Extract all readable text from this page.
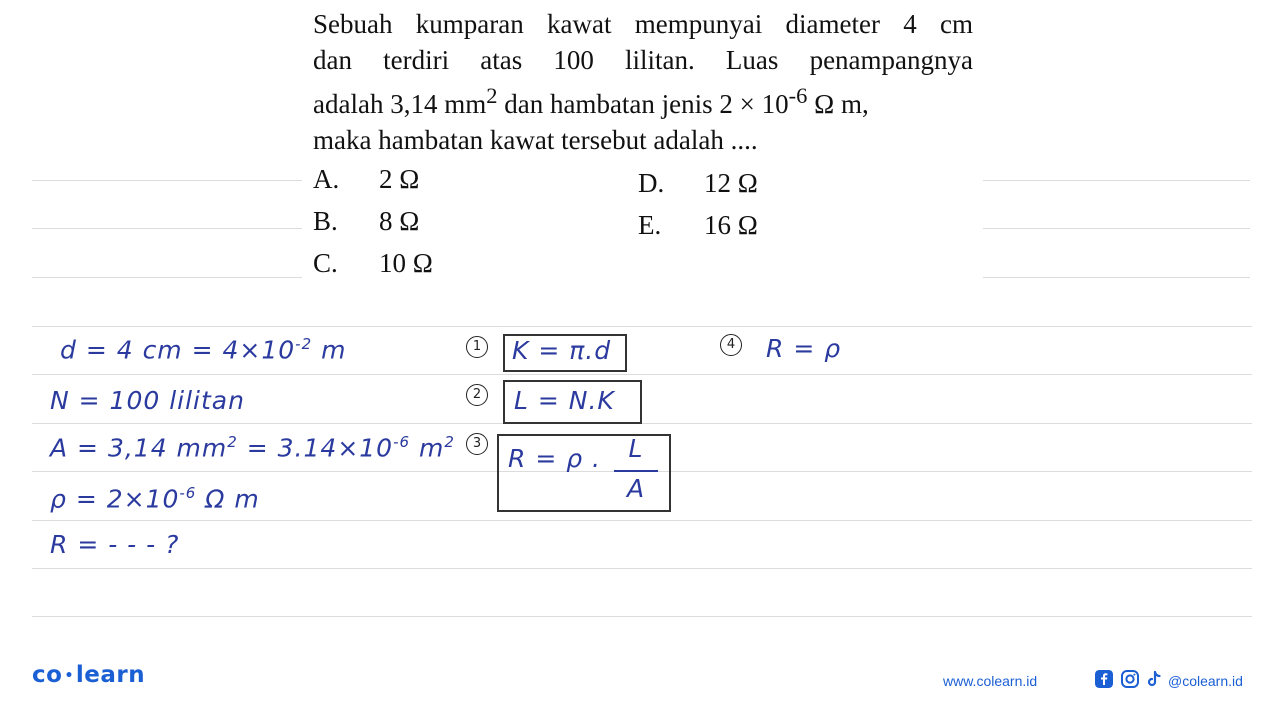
Sebuah kumparan kawat mempunyai diameter 4 cm
dan terdiri atas 100 lilitan. Luas penampangnya
adalah 3,14 $mm^2$ dan hambatan jenis $2 \times 10^{-6}$ Ω m,
maka hambatan kawat tersebut adalah ....
A. 2 Ω
B. 8 Ω
C. 10 Ω
D. 12 Ω
E. 16 Ω
d = 4 cm = $4\times 10^{-2}$ m
N = 100 lilitan
A = 3,14 $mm^2 = 3.14\times 10^{-6}$ $m^2$
$\rho = 2\times 10^{-6}$ Ω m
R = - - - ?
1 K = π.d
2 L = N.K
3
R = ρ . L
A
4 R = ρ
co •learn	www.colearn.id	@colearn.id
